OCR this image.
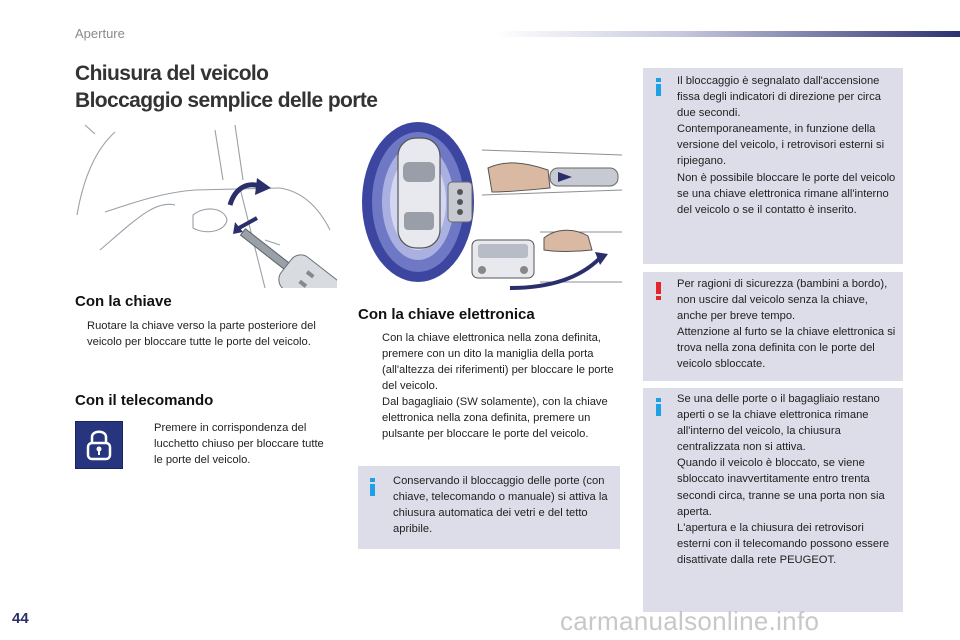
Aperture
Chiusura del veicolo
Bloccaggio semplice delle porte
Con la chiave
Ruotare la chiave verso la parte posteriore del veicolo per bloccare tutte le porte del veicolo.
Con il telecomando
Premere in corrispondenza del lucchetto chiuso per bloccare tutte le porte del veicolo.
Con la chiave elettronica
Con la chiave elettronica nella zona definita, premere con un dito la maniglia della porta (all'altezza dei riferimenti) per bloccare le porte del veicolo.
Dal bagagliaio (SW solamente), con la chiave elettronica nella zona definita, premere un pulsante per bloccare le porte del veicolo.
Conservando il bloccaggio delle porte (con chiave, telecomando o manuale) si attiva la chiusura automatica dei vetri e del tetto apribile.
Il bloccaggio è segnalato dall'accensione fissa degli indicatori di direzione per circa due secondi.
Contemporaneamente, in funzione della versione del veicolo, i retrovisori esterni si ripiegano.
Non è possibile bloccare le porte del veicolo se una chiave elettronica rimane all'interno del veicolo o se il contatto è inserito.
Per ragioni di sicurezza (bambini a bordo), non uscire dal veicolo senza la chiave, anche per breve tempo.
Attenzione al furto se la chiave elettronica si trova nella zona definita con le porte del veicolo sbloccate.
Se una delle porte o il bagagliaio restano aperti o se la chiave elettronica rimane all'interno del veicolo, la chiusura centralizzata non si attiva.
Quando il veicolo è bloccato, se viene sbloccato inavvertitamente entro trenta secondi circa, tranne se una porta non sia aperta.
L'apertura e la chiusura dei retrovisori esterni con il telecomando possono essere disattivate dalla rete PEUGEOT.
44	carmanualsonline.info
